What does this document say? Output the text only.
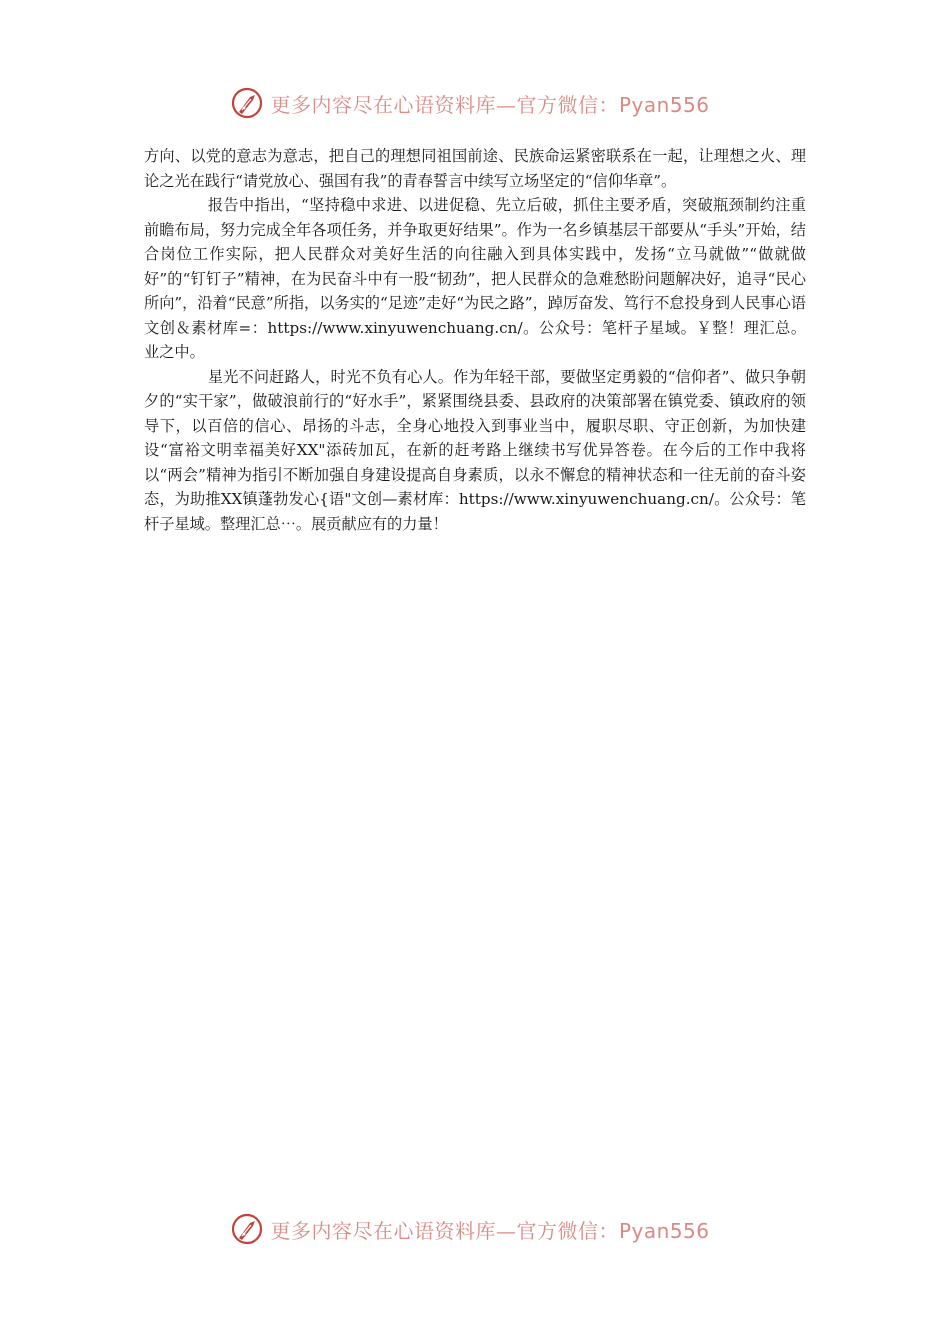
更多内容尽在心语资料库—官方微信：Pyan556

方向、以党的意志为意志，把自己的理想同祖国前途、民族命运紧密联系在一起，让理想之火、理论之光在践行“请党放心、强国有我”的青春誓言中续写立场坚定的“信仰华章”。

报告中指出，“坚持稳中求进、以进促稳、先立后破，抓住主要矛盾，突破瓶颈制约注重前瞻布局，努力完成全年各项任务，并争取更好结果”。作为一名乡镇基层干部要从“手头”开始，结合岗位工作实际，把人民群众对美好生活的向往融入到具体实践中，发扬“立马就做”“做就做好”的“钉钉子”精神，在为民奋斗中有一股“韧劲”，把人民群众的急难愁盼问题解决好，追寻“民心所向”，沿着“民意”所指，以务实的“足迹”走好“为民之路”，踔厉奋发、笃行不怠投身到人民事心语文创＆素材库=：https://www.xinyuwenchuang.cn/。公众号：笔杆子星域。￥整！理汇总。业之中。

星光不问赶路人，时光不负有心人。作为年轻干部，要做坚定勇毅的“信仰者”、做只争朝夕的“实干家”，做破浪前行的“好水手”，紧紧围绕县委、县政府的决策部署在镇党委、镇政府的领导下，以百倍的信心、昂扬的斗志，全身心地投入到事业当中，履职尽职、守正创新，为加快建设“富裕文明幸福美好XX"添砖加瓦，在新的赶考路上继续书写优异答卷。在今后的工作中我将以“两会”精神为指引不断加强自身建设提高自身素质，以永不懈怠的精神状态和一往无前的奋斗姿态，为助推XX镇蓬勃发心{语"文创—素材库：https://www.xinyuwenchuang.cn/。公众号：笔杆子星域。整理汇总⋯。展贡献应有的力量！

更多内容尽在心语资料库—官方微信：Pyan556
